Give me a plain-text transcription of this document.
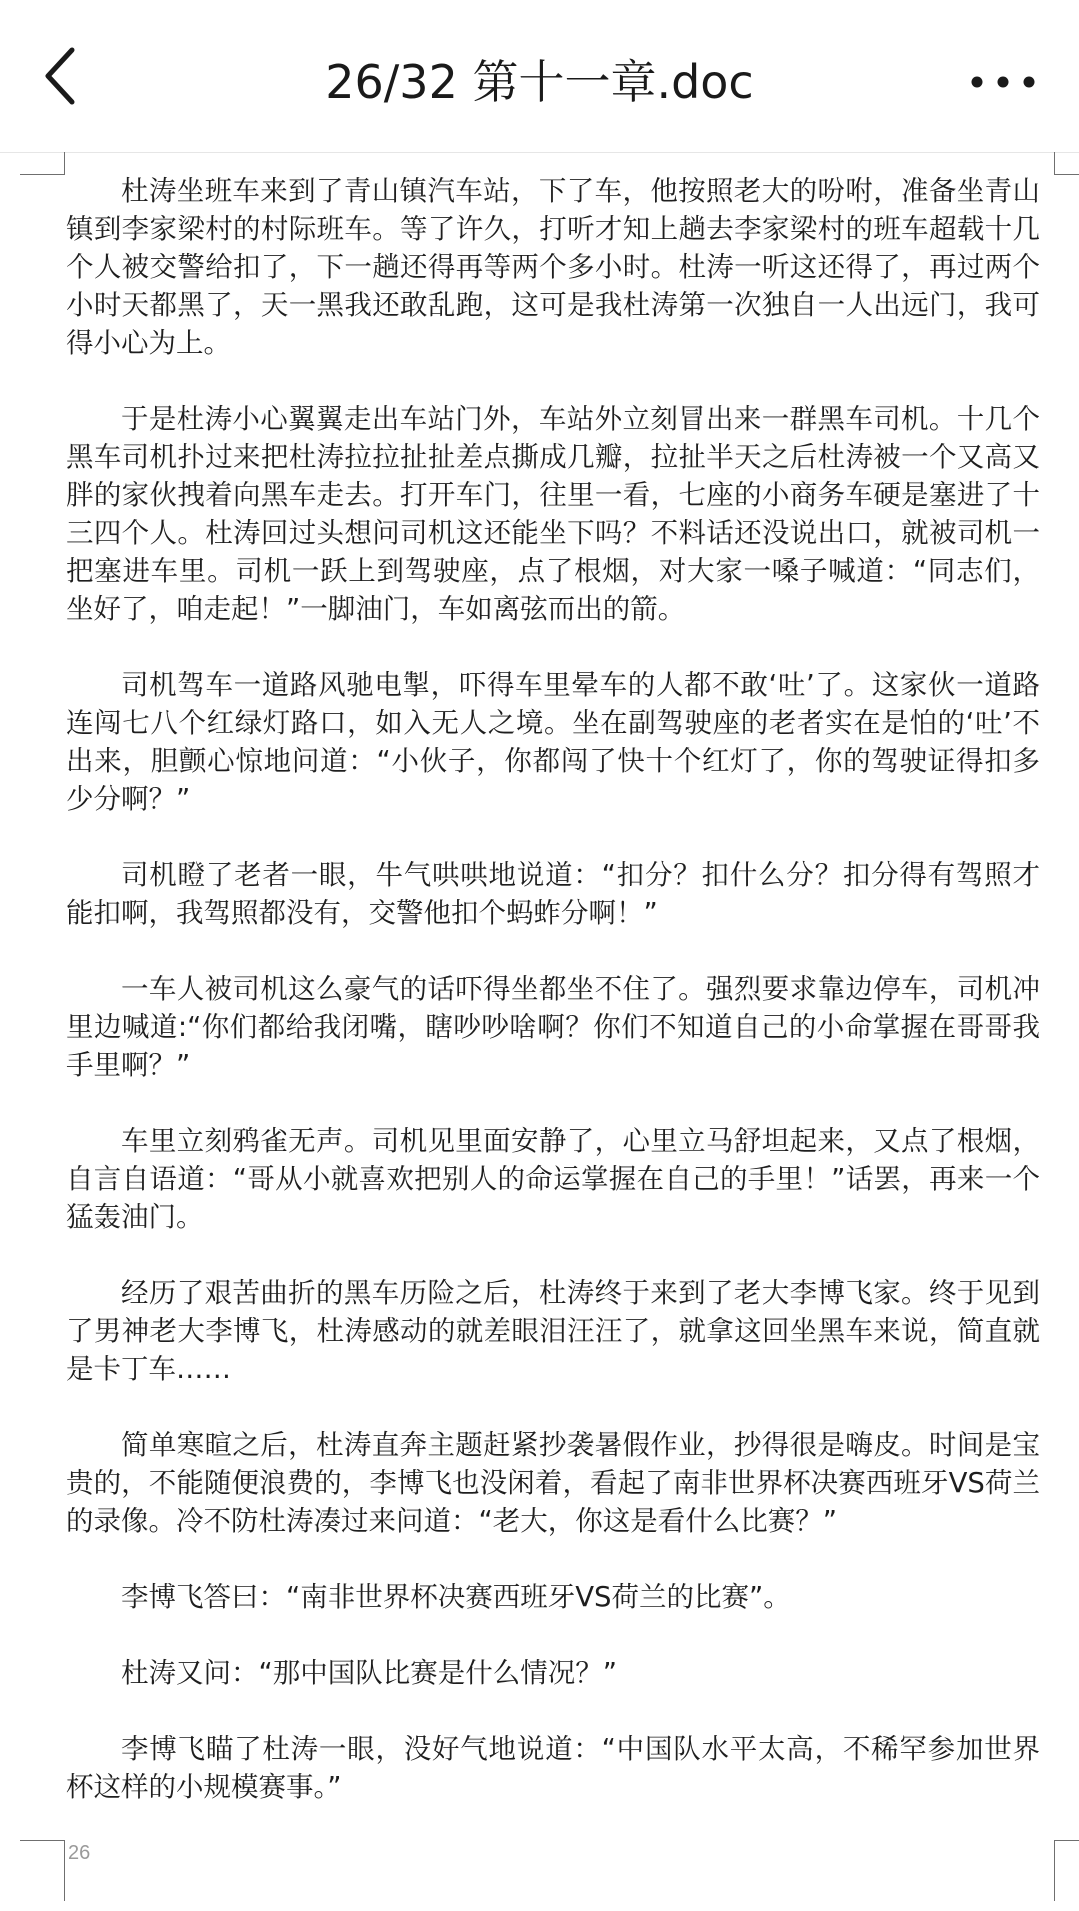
26/32 第十一章.doc

杜涛坐班车来到了青山镇汽车站，下了车，他按照老大的吩咐，准备坐青山镇到李家梁村的村际班车。等了许久，打听才知上趟去李家梁村的班车超载十几个人被交警给扣了，下一趟还得再等两个多小时。杜涛一听这还得了，再过两个小时天都黑了，天一黑我还敢乱跑，这可是我杜涛第一次独自一人出远门，我可得小心为上。

于是杜涛小心翼翼走出车站门外，车站外立刻冒出来一群黑车司机。十几个黑车司机扑过来把杜涛拉拉扯扯差点撕成几瓣，拉扯半天之后杜涛被一个又高又胖的家伙拽着向黑车走去。打开车门，往里一看，七座的小商务车硬是塞进了十三四个人。杜涛回过头想问司机这还能坐下吗？不料话还没说出口，就被司机一把塞进车里。司机一跃上到驾驶座，点了根烟，对大家一嗓子喊道：“同志们，坐好了，咱走起！”一脚油门，车如离弦而出的箭。

司机驾车一道路风驰电掣，吓得车里晕车的人都不敢‘吐’了。这家伙一道路连闯七八个红绿灯路口，如入无人之境。坐在副驾驶座的老者实在是怕的‘吐’不出来，胆颤心惊地问道：“小伙子，你都闯了快十个红灯了，你的驾驶证得扣多少分啊？”

司机瞪了老者一眼，牛气哄哄地说道：“扣分？扣什么分？扣分得有驾照才能扣啊，我驾照都没有，交警他扣个蚂蚱分啊！”

一车人被司机这么豪气的话吓得坐都坐不住了。强烈要求靠边停车，司机冲里边喊道:“你们都给我闭嘴，瞎吵吵啥啊？你们不知道自己的小命掌握在哥哥我手里啊？”

车里立刻鸦雀无声。司机见里面安静了，心里立马舒坦起来，又点了根烟，自言自语道：“哥从小就喜欢把别人的命运掌握在自己的手里！”话罢，再来一个猛轰油门。

经历了艰苦曲折的黑车历险之后，杜涛终于来到了老大李博飞家。终于见到了男神老大李博飞，杜涛感动的就差眼泪汪汪了，就拿这回坐黑车来说，简直就是卡丁车……

简单寒暄之后，杜涛直奔主题赶紧抄袭暑假作业，抄得很是嗨皮。时间是宝贵的，不能随便浪费的，李博飞也没闲着，看起了南非世界杯决赛西班牙VS荷兰的录像。冷不防杜涛凑过来问道：“老大，你这是看什么比赛？”

李博飞答曰：“南非世界杯决赛西班牙VS荷兰的比赛”。

杜涛又问：“那中国队比赛是什么情况？”

李博飞瞄了杜涛一眼，没好气地说道：“中国队水平太高，不稀罕参加世界杯这样的小规模赛事。”

26
